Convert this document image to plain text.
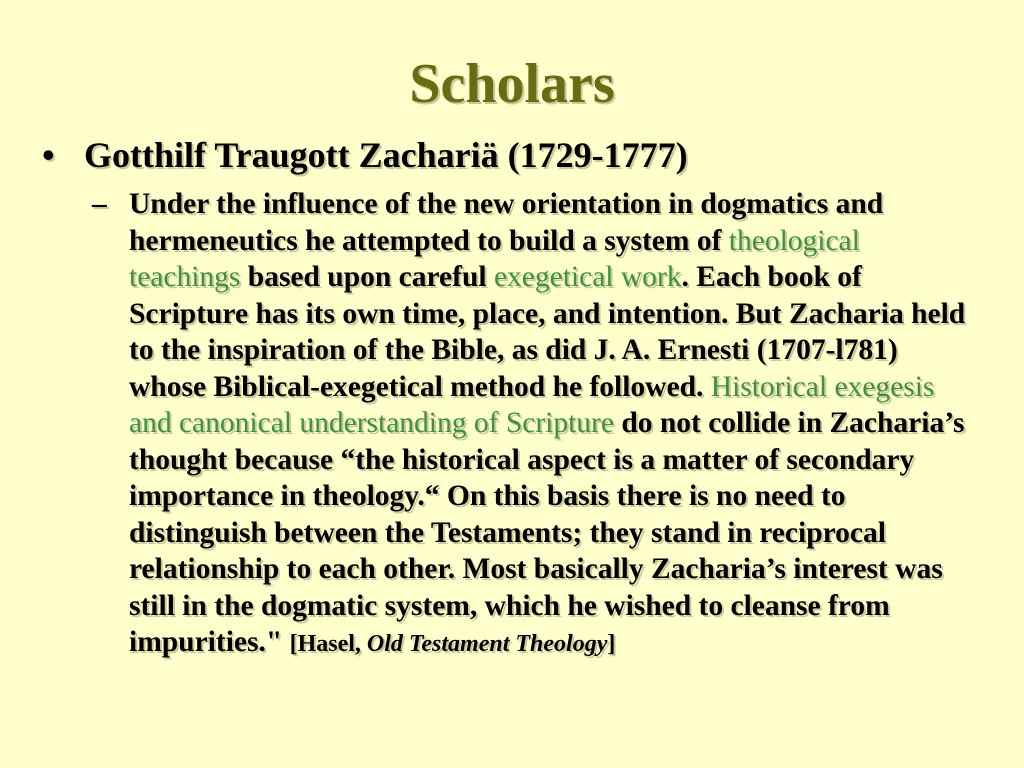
Scholars
• Gotthilf Traugott Zachariä (1729-1777)
– Under the influence of the new orientation in dogmatics and hermeneutics he attempted to build a system of theological teachings based upon careful exegetical work. Each book of Scripture has its own time, place, and intention. But Zacharia held to the inspiration of the Bible, as did J. A. Ernesti (1707-l781) whose Biblical-exegetical method he followed. Historical exegesis and canonical understanding of Scripture do not collide in Zacharia’s thought because “the historical aspect is a matter of secondary importance in theology.“ On this basis there is no need to distinguish between the Testaments; they stand in reciprocal relationship to each other. Most basically Zacharia’s interest was still in the dogmatic system, which he wished to cleanse from impurities." [Hasel, Old Testament Theology]
